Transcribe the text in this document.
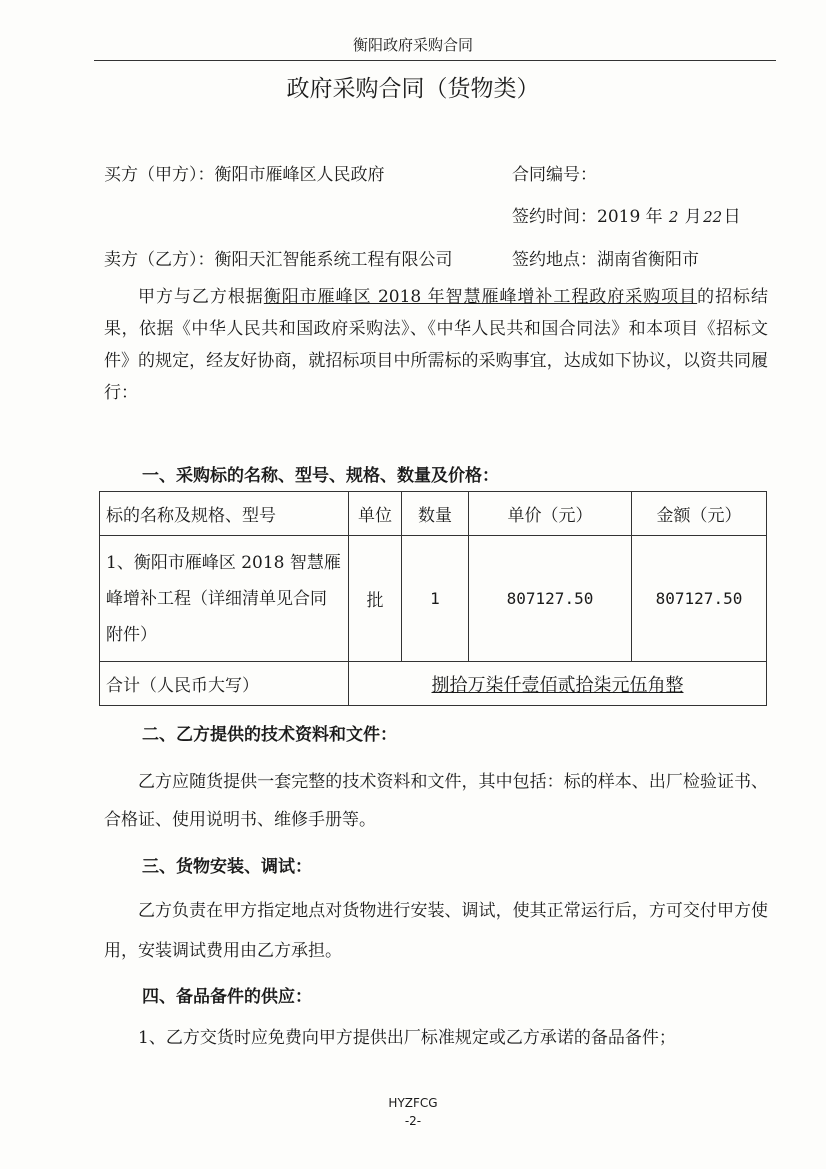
衡阳政府采购合同
政府采购合同（货物类）
买方（甲方）：衡阳市雁峰区人民政府	合同编号：
签约时间：2019 年 2 月22日
卖方（乙方）：衡阳天汇智能系统工程有限公司	签约地点：湖南省衡阳市
甲方与乙方根据衡阳市雁峰区 2018 年智慧雁峰增补工程政府采购项目的招标结果，依据《中华人民共和国政府采购法》、《中华人民共和国合同法》和本项目《招标文件》的规定，经友好协商，就招标项目中所需标的采购事宜，达成如下协议，以资共同履行：
一、采购标的名称、型号、规格、数量及价格：
标的名称及规格、型号	单位	数量	单价（元）	金额（元）
1、衡阳市雁峰区 2018 智慧雁峰增补工程（详细清单见合同附件）	批	1	807127.50	807127.50
合计（人民币大写）	捌拾万柒仟壹佰贰拾柒元伍角整			
二、乙方提供的技术资料和文件：
乙方应随货提供一套完整的技术资料和文件，其中包括：标的样本、出厂检验证书、合格证、使用说明书、维修手册等。
三、货物安装、调试：
乙方负责在甲方指定地点对货物进行安装、调试，使其正常运行后，方可交付甲方使用，安装调试费用由乙方承担。
四、备品备件的供应：
1、乙方交货时应免费向甲方提供出厂标准规定或乙方承诺的备品备件；
HYZFCG
-2-
